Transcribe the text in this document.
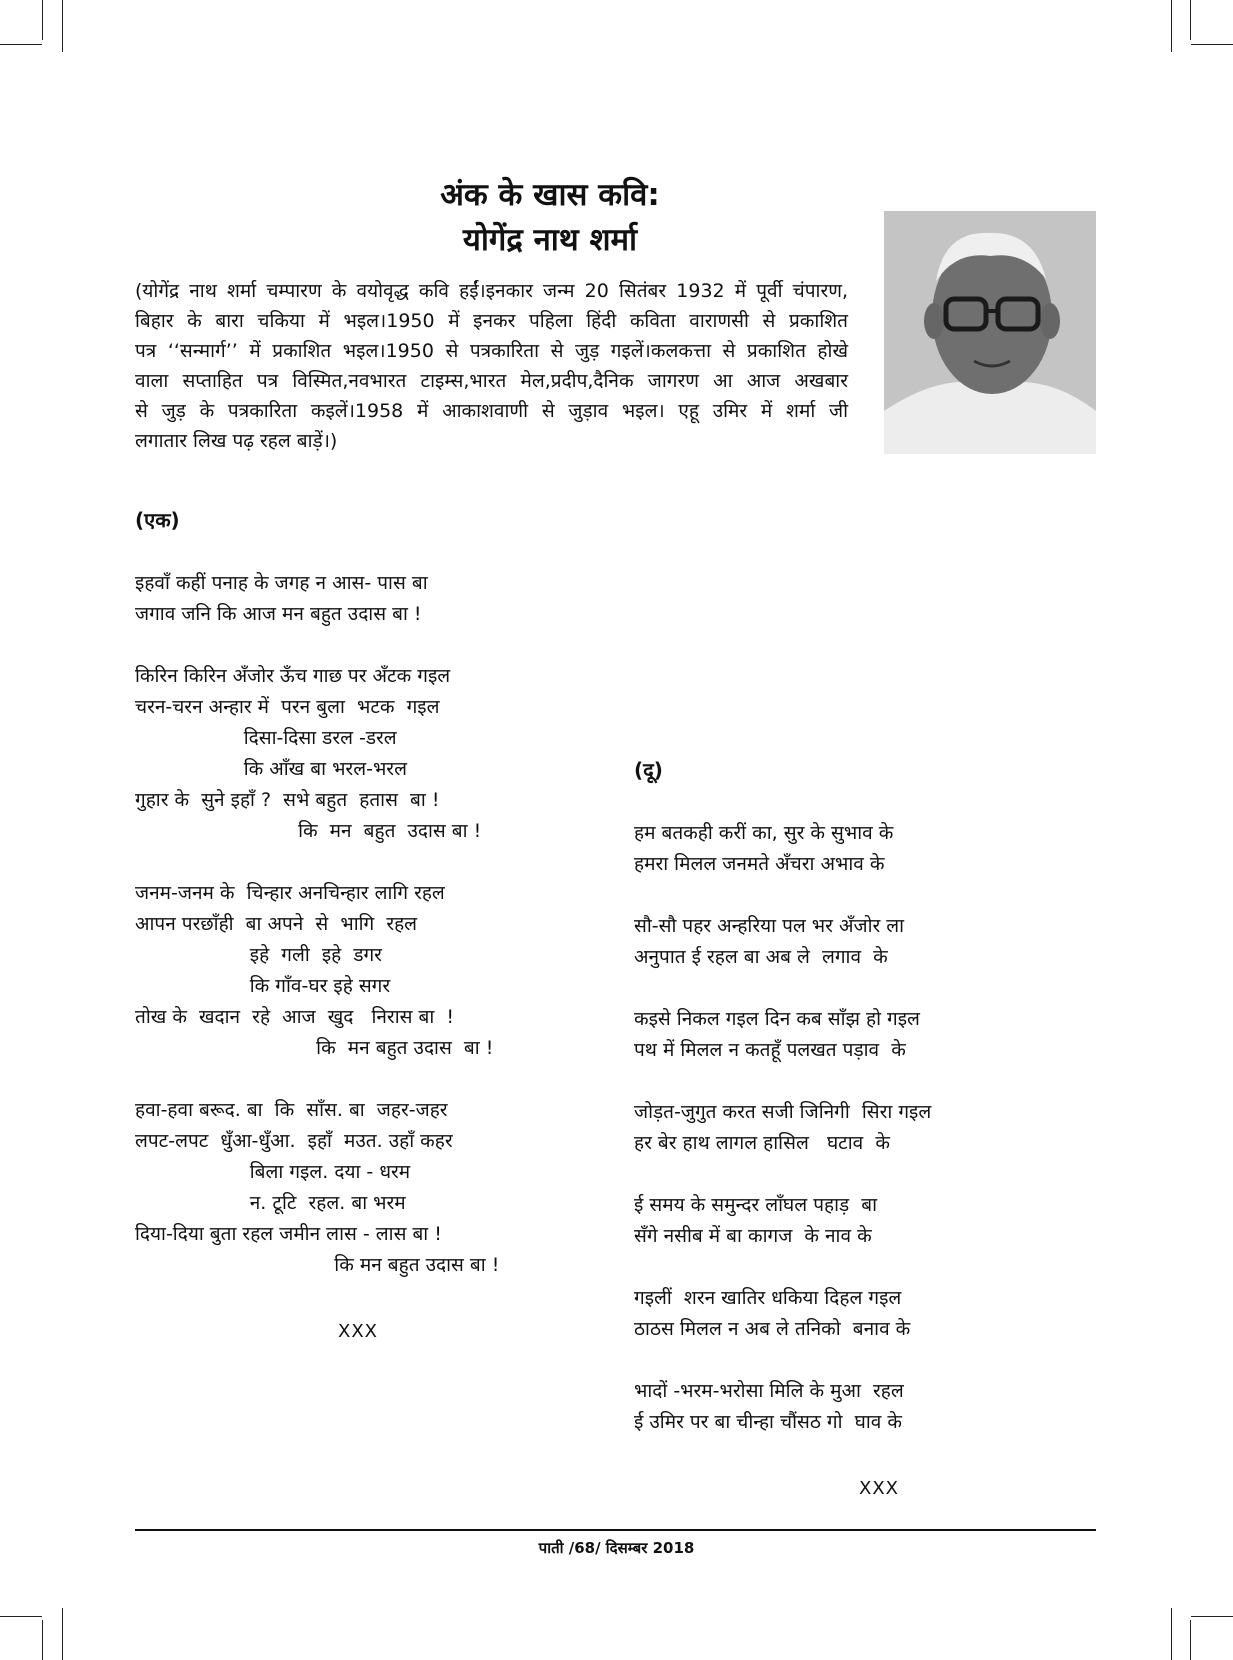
अंक के खास कवि:
योगेंद्र नाथ शर्मा
(योगेंद्र नाथ शर्मा चम्पारण के वयोवृद्ध कवि हईं।इनकार जन्म 20 सितंबर 1932 में पूर्वी चंपारण,
बिहार के बारा चकिया में भइल।1950 में इनकर पहिला हिंदी कविता वाराणसी से प्रकाशित
पत्र ‘‘सन्मार्ग’’ में प्रकाशित भइल।1950 से पत्रकारिता से जुड़ गइलें।कलकत्ता से प्रकाशित होखे
वाला सप्ताहित पत्र विस्मित,नवभारत टाइम्स,भारत मेल,प्रदीप,दैनिक जागरण आ आज अखबार
से जुड़ के पत्रकारिता कइलें।1958 में आकाशवाणी से जुड़ाव भइल। एहू उमिर में शर्मा जी
लगातार लिख पढ़ रहल बाड़ें।)
(एक)
इहवाँ कहीं पनाह के जगह न आस- पास बा
जगाव जनि कि आज मन बहुत उदास बा !
किरिन किरिन अँजोर ऊँच गाछ पर अँटक गइल
चरन-चरन अन्हार में  परन बुला  भटक  गइल
दिसा-दिसा डरल -डरल
कि आँख बा भरल-भरल
गुहार के  सुने इहाँ ?  सभे बहुत  हतास  बा !
कि  मन  बहुत  उदास बा !
जनम-जनम के  चिन्हार अनचिन्हार लागि रहल
आपन परछाँही  बा अपने  से  भागि  रहल
इहे  गली  इहे  डगर
कि गाँव-घर इहे सगर
तोख के  खदान  रहे  आज  खुद   निरास बा  !
कि  मन बहुत उदास  बा !
हवा-हवा बरूद. बा  कि  साँस. बा  जहर-जहर
लपट-लपट  धुँआ-धुँआ.  इहाँ  मउत. उहाँ कहर
बिला गइल. दया - धरम
न. टूटि  रहल. बा भरम
दिया-दिया बुता रहल जमीन लास - लास बा !
कि मन बहुत उदास बा !
XXX
(दू)
हम बतकही करीं का, सुर के सुभाव के
हमरा मिलल जनमते अँचरा अभाव के
सौ-सौ पहर अन्हरिया पल भर अँजोर ला
अनुपात ई रहल बा अब ले  लगाव  के
कइसे निकल गइल दिन कब साँझ हो गइल
पथ में मिलल न कतहूँ पलखत पड़ाव  के
जोड़त-जुगुत करत सजी जिनिगी  सिरा गइल
हर बेर हाथ लागल हासिल   घटाव  के
ई समय के समुन्दर लाँघल पहाड़  बा
सँगे नसीब में बा कागज  के नाव के
गइलीं  शरन खातिर धकिया दिहल गइल
ठाठस मिलल न अब ले तनिको  बनाव के
भादों -भरम-भरोसा मिलि के मुआ  रहल
ई उमिर पर बा चीन्हा चौंसठ गो  घाव के
XXX
पाती /68/ दिसम्बर 2018
